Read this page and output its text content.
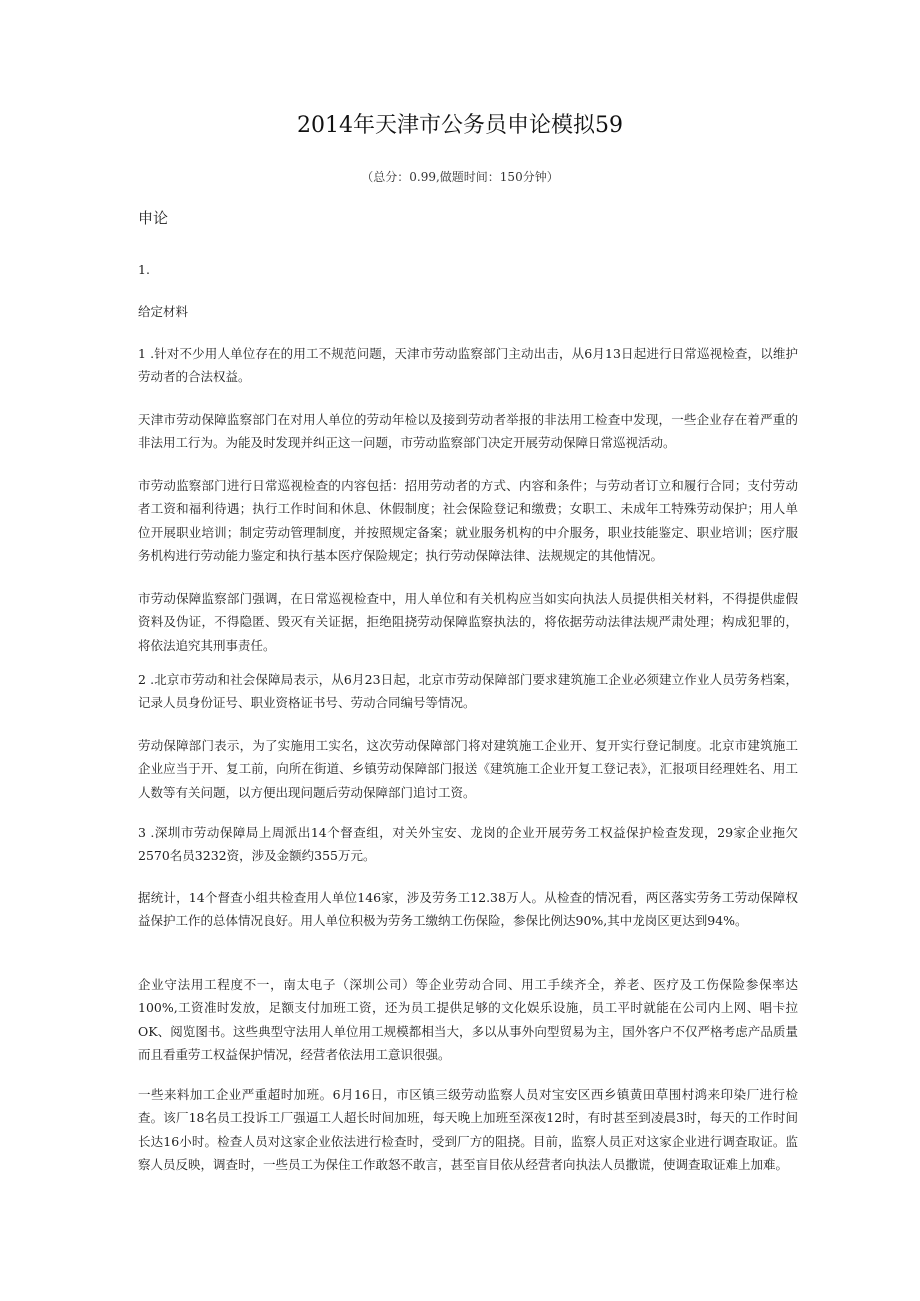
2014年天津市公务员申论模拟59
（总分：0.99,做题时间：150分钟）
申论

1.

给定材料

1 .针对不少用人单位存在的用工不规范问题，天津市劳动监察部门主动出击，从6月13日起进行日常巡视检查，以维护劳动者的合法权益。

天津市劳动保障监察部门在对用人单位的劳动年检以及接到劳动者举报的非法用工检查中发现，一些企业存在着严重的非法用工行为。为能及时发现并纠正这一问题，市劳动监察部门决定开展劳动保障日常巡视活动。

市劳动监察部门进行日常巡视检查的内容包括：招用劳动者的方式、内容和条件；与劳动者订立和履行合同；支付劳动者工资和福利待遇；执行工作时间和休息、休假制度；社会保险登记和缴费；女职工、未成年工特殊劳动保护；用人单位开展职业培训；制定劳动管理制度，并按照规定备案；就业服务机构的中介服务，职业技能鉴定、职业培训；医疗服务机构进行劳动能力鉴定和执行基本医疗保险规定；执行劳动保障法律、法规规定的其他情况。

市劳动保障监察部门强调，在日常巡视检查中，用人单位和有关机构应当如实向执法人员提供相关材料，不得提供虚假资料及伪证，不得隐匿、毁灭有关证据，拒绝阻挠劳动保障监察执法的，将依据劳动法律法规严肃处理；构成犯罪的，将依法追究其刑事责任。

2 .北京市劳动和社会保障局表示，从6月23日起，北京市劳动保障部门要求建筑施工企业必须建立作业人员劳务档案，记录人员身份证号、职业资格证书号、劳动合同编号等情况。

劳动保障部门表示，为了实施用工实名，这次劳动保障部门将对建筑施工企业开、复开实行登记制度。北京市建筑施工企业应当于开、复工前，向所在街道、乡镇劳动保障部门报送《建筑施工企业开复工登记表》，汇报项目经理姓名、用工人数等有关问题，以方便出现问题后劳动保障部门追讨工资。

3 .深圳市劳动保障局上周派出14个督查组，对关外宝安、龙岗的企业开展劳务工权益保护检查发现，29家企业拖欠2570名员3232资，涉及金额约355万元。

据统计，14个督查小组共检查用人单位146家，涉及劳务工12.38万人。从检查的情况看，两区落实劳务工劳动保障权益保护工作的总体情况良好。用人单位积极为劳务工缴纳工伤保险，参保比例达90%,其中龙岗区更达到94%。

企业守法用工程度不一，南太电子（深圳公司）等企业劳动合同、用工手续齐全，养老、医疗及工伤保险参保率达100%,工资准时发放，足额支付加班工资，还为员工提供足够的文化娱乐设施，员工平时就能在公司内上网、唱卡拉OK、阅览图书。这些典型守法用人单位用工规模都相当大，多以从事外向型贸易为主，国外客户不仅严格考虑产品质量而且看重劳工权益保护情况，经营者依法用工意识很强。

一些来料加工企业严重超时加班。6月16日，市区镇三级劳动监察人员对宝安区西乡镇黄田草围村鸿来印染厂进行检查。该厂18名员工投诉工厂强逼工人超长时间加班，每天晚上加班至深夜12时，有时甚至到凌晨3时，每天的工作时间长达16小时。检查人员对这家企业依法进行检查时，受到厂方的阻挠。目前，监察人员正对这家企业进行调查取证。监察人员反映，调查时，一些员工为保住工作敢怒不敢言，甚至盲目依从经营者向执法人员撒谎，使调查取证难上加难。
